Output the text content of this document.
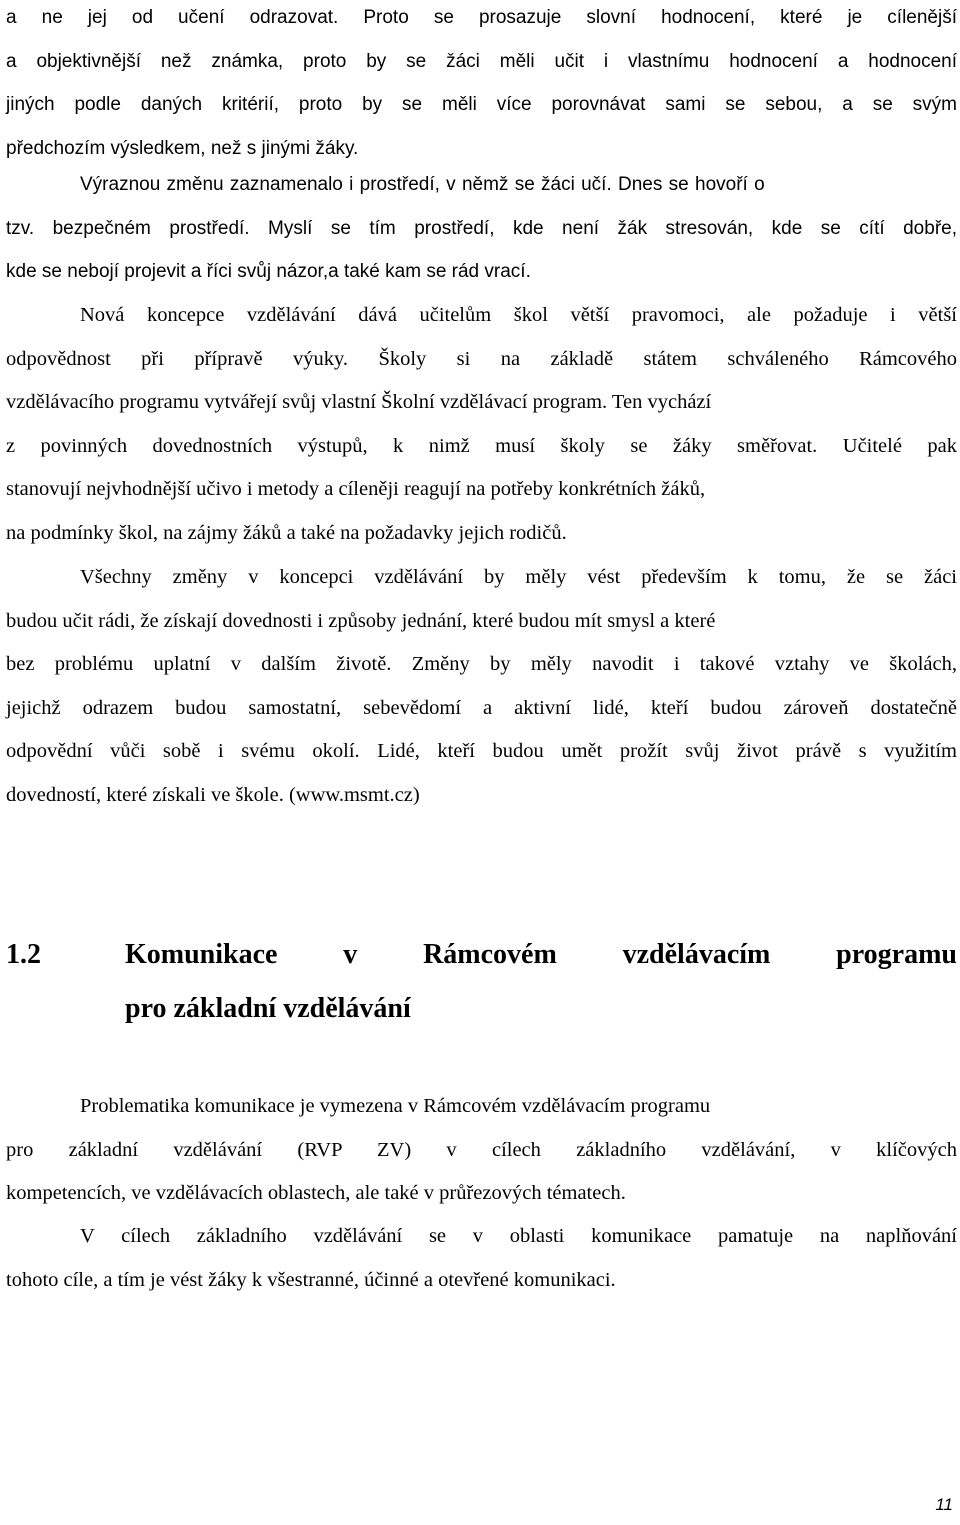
a ne jej od učení odrazovat. Proto se prosazuje slovní hodnocení, které je cílenější
a objektivnější než známka, proto by se žáci měli učit i vlastnímu hodnocení a hodnocení
jiných podle daných kritérií, proto by se měli více porovnávat sami se sebou, a se svým
předchozím výsledkem, než s jinými žáky.
Výraznou změnu zaznamenalo i prostředí, v němž se žáci učí. Dnes se hovoří o
tzv. bezpečném prostředí. Myslí se tím prostředí, kde není žák stresován, kde se cítí dobře,
kde se nebojí projevit a říci svůj názor,a také kam se rád vrací.
Nová koncepce vzdělávání dává učitelům škol větší pravomoci, ale požaduje i větší
odpovědnost při přípravě výuky. Školy si na základě státem schváleného Rámcového
vzdělávacího programu vytvářejí svůj vlastní Školní vzdělávací program. Ten vychází
z povinných dovednostních výstupů, k nimž musí školy se žáky směřovat. Učitelé pak
stanovují nejvhodnější učivo i metody a cíleněji reagují na potřeby konkrétních žáků,
na podmínky škol, na zájmy žáků a také na požadavky jejich rodičů.
Všechny změny v koncepci vzdělávání by měly vést především k tomu, že se žáci
budou učit rádi, že získají dovednosti i způsoby jednání, které budou mít smysl a které
bez problému uplatní v dalším životě. Změny by měly navodit i takové vztahy ve školách,
jejichž odrazem budou samostatní, sebevědomí a aktivní lidé, kteří budou zároveň dostatečně
odpovědní vůči sobě i svému okolí. Lidé, kteří budou umět prožít svůj život právě s využitím
dovedností, které získali ve škole. (www.msmt.cz)
1.2	Komunikace v Rámcovém vzdělávacím programu
pro základní vzdělávání
Problematika komunikace je vymezena v Rámcovém vzdělávacím programu
pro základní vzdělávání (RVP ZV) v cílech základního vzdělávání, v klíčových
kompetencích, ve vzdělávacích oblastech, ale také v průřezových tématech.
V cílech základního vzdělávání se v oblasti komunikace pamatuje na naplňování
tohoto cíle, a tím je vést žáky k všestranné, účinné a otevřené komunikaci.
11
